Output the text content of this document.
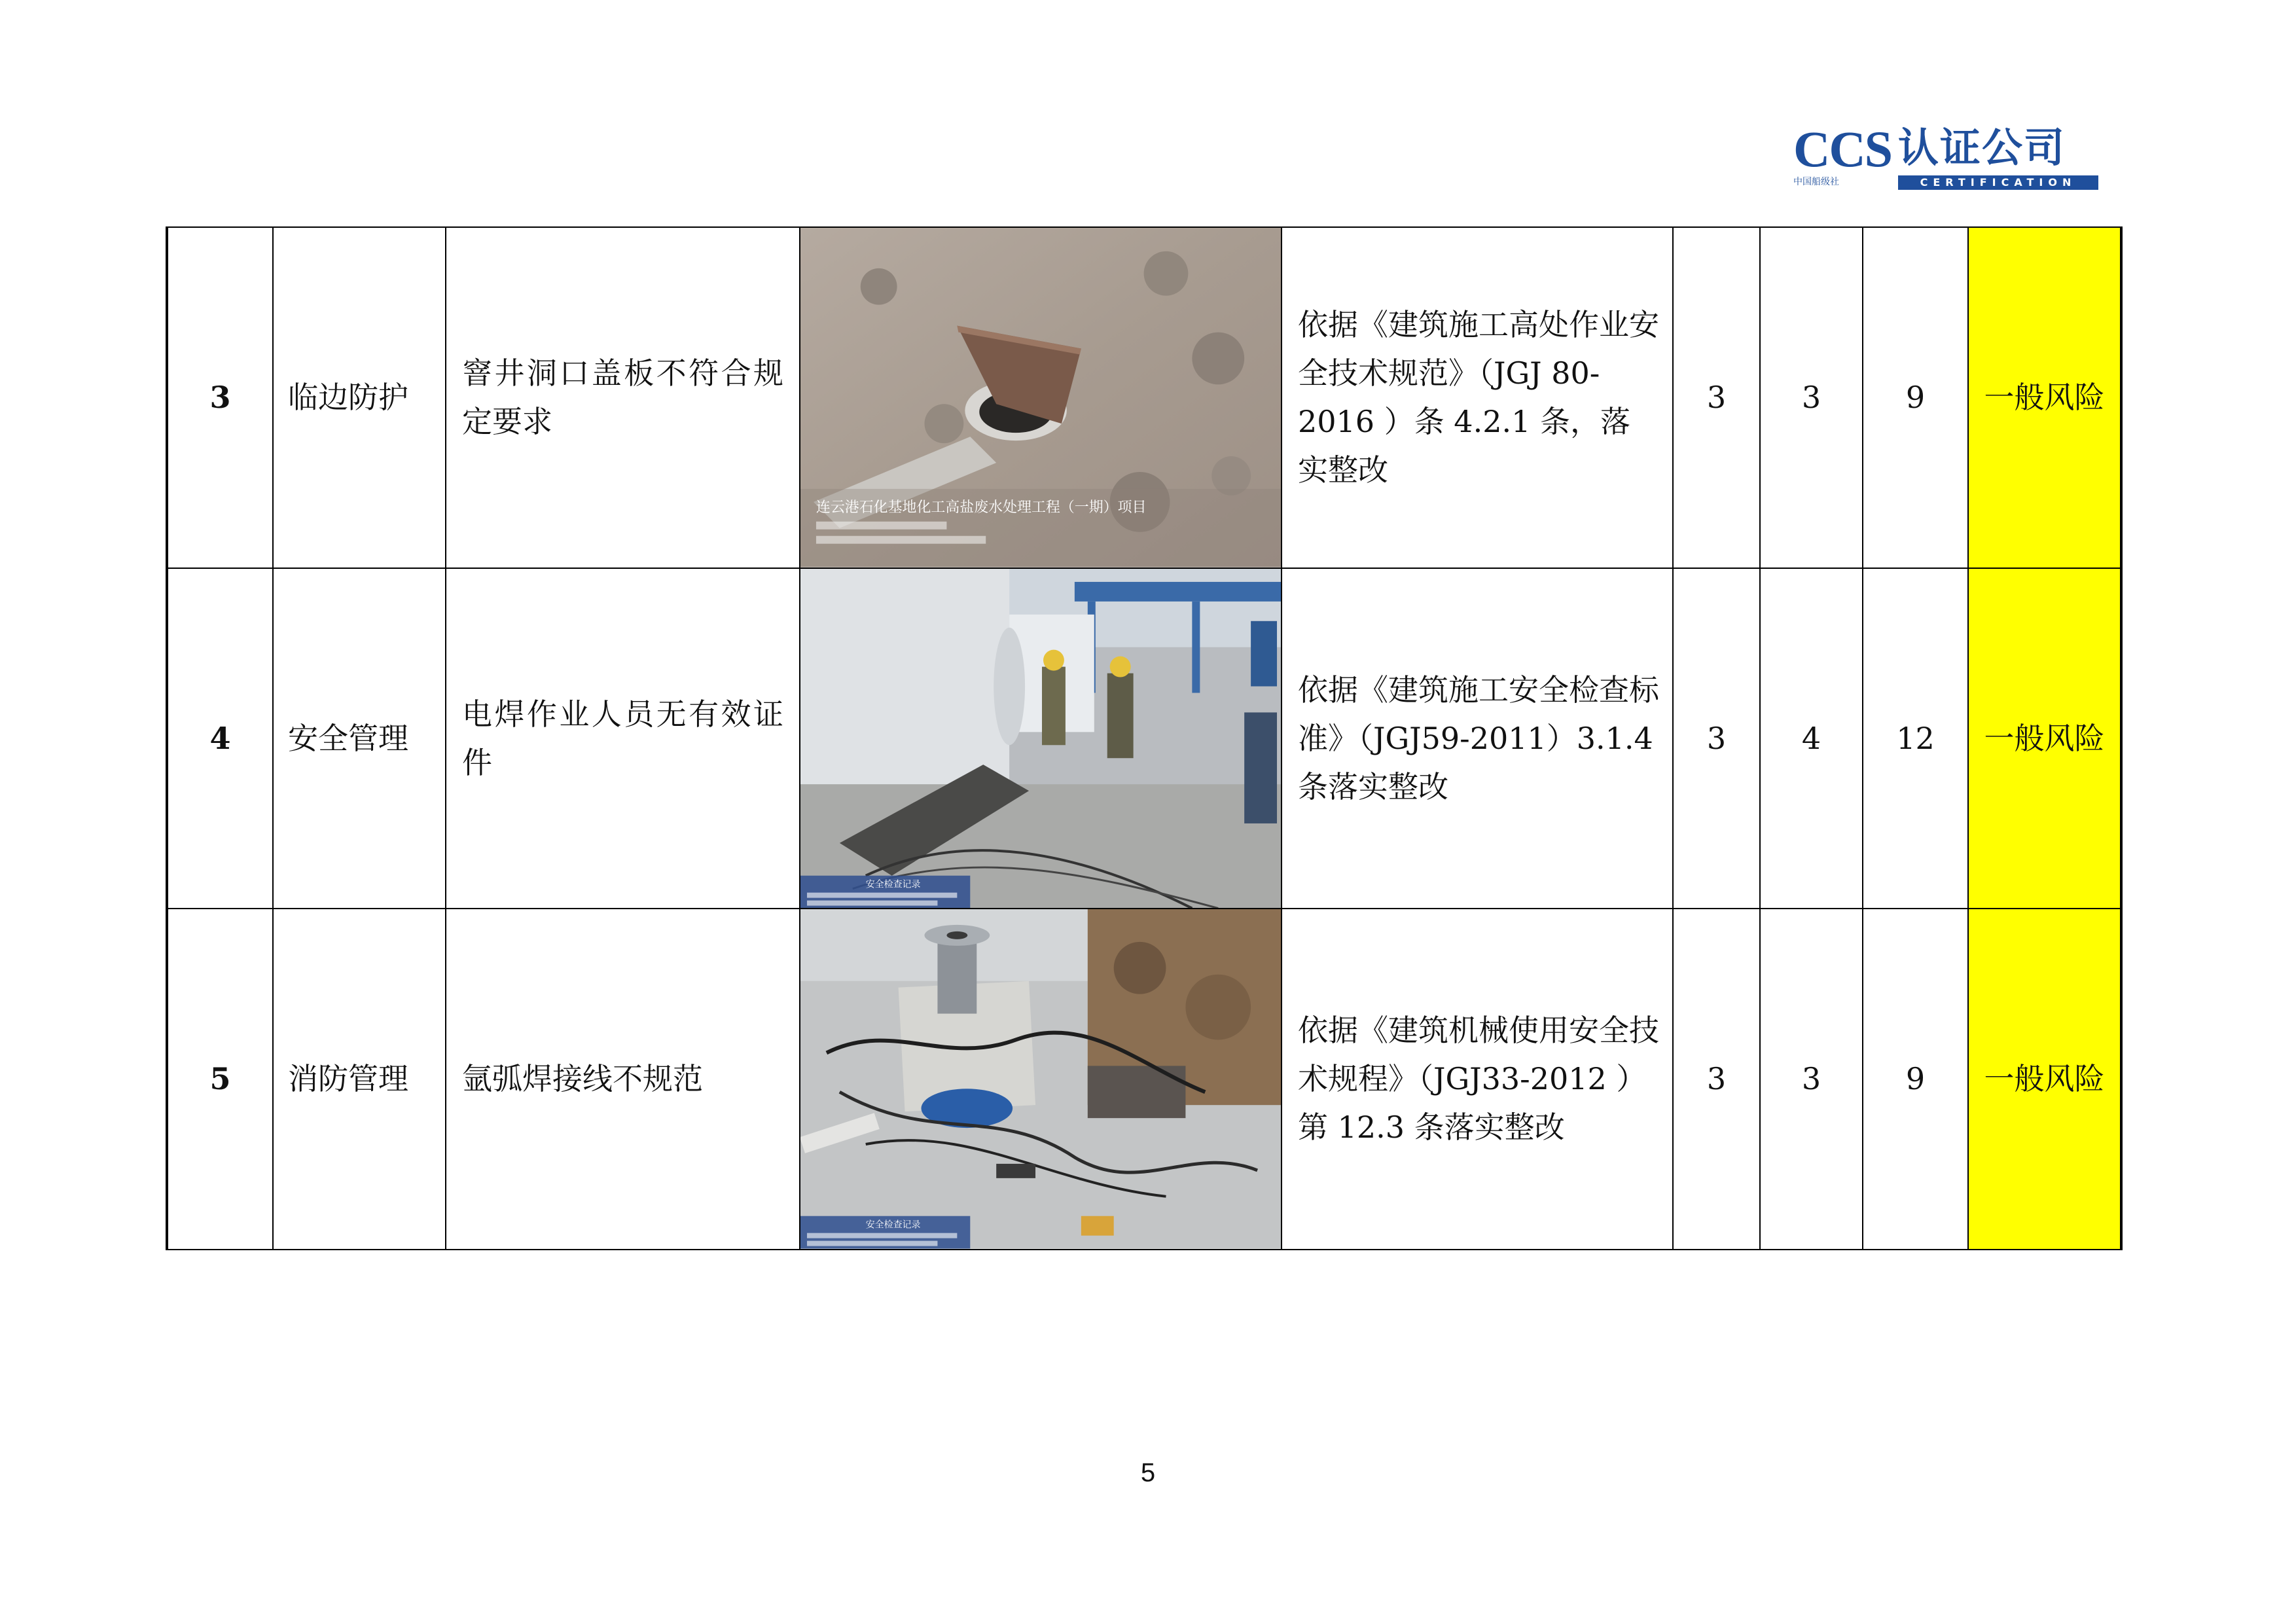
CCS 认证公司
中国船级社	CERTIFICATION
3	临边防护	窨井洞口盖板不符合规定要求	连云港石化基地化工高盐废水处理工程（一期）项目	依据《建筑施工高处作业安全技术规范》（JGJ 80-2016 ）条 4.2.1 条，落实整改	3	3	9	一般风险
4	安全管理	电焊作业人员无有效证件	安全检查记录	依据《建筑施工安全检查标准》（JGJ59-2011）3.1.4 条落实整改	3	4	12	一般风险
5	消防管理	氩弧焊接线不规范	安全检查记录	依据《建筑机械使用安全技术规程》（JGJ33-2012 ）第 12.3 条落实整改	3	3	9	一般风险
5
